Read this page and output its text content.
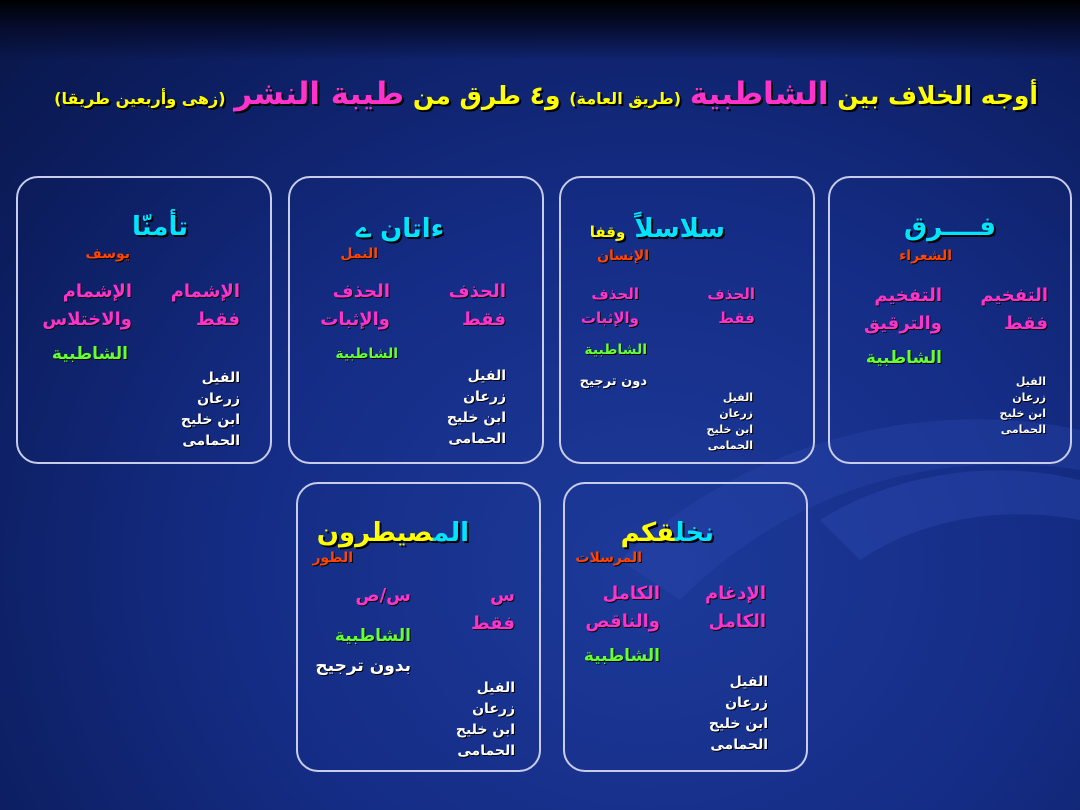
أوجه الخلاف بين الشاطبية (طريق العامة) و٤ طرق من طيبة النشر (زهى وأربعين طريقا)
فــــرق
الشعراء
التفخيم
فقط
التفخيم
والترقيق
الشاطبية
الفيل
زرعان
ابن خليح
الحمامى
سلاسلاً وقفا
الإنسان
الحذف
فقط
الحذف
والإثبات
الشاطبية
دون ترجيح
الفيل
زرعان
ابن خليح
الحمامى
ءاتان ے
النمل
الحذف
فقط
الحذف
والإثبات
الشاطبية
الفيل
زرعان
ابن خليح
الحمامى
تأمنّا
يوسف
الإشمام
فقط
الإشمام
والاختلاس
الشاطبية
الفيل
زرعان
ابن خليح
الحمامى
نخلقكم
المرسلات
الإدغام
الكامل
الكامل
والناقص
الشاطبية
الفيل
زرعان
ابن خليح
الحمامى
المصيطرون
الطور
س
فقط
س/ص
الشاطبية
بدون ترجيح
الفيل
زرعان
ابن خليح
الحمامى
